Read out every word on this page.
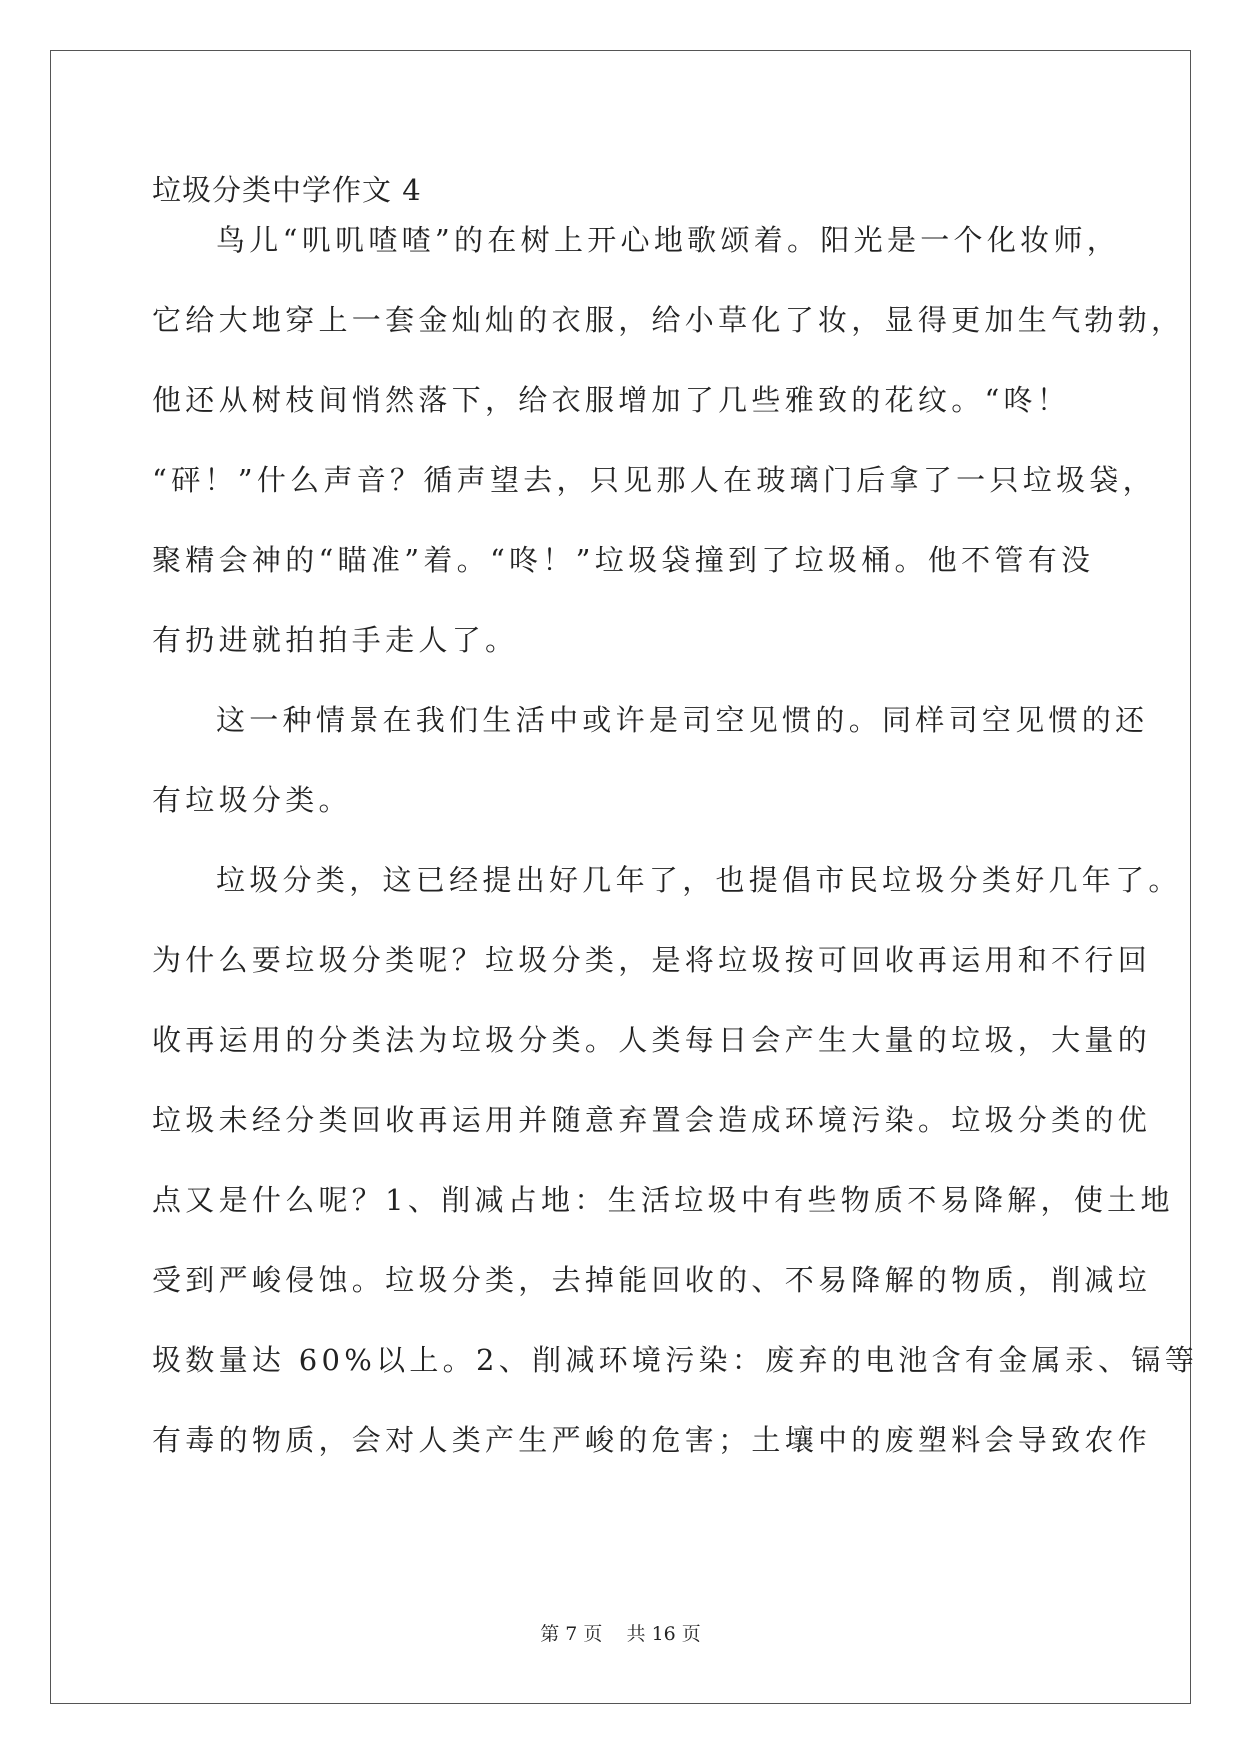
垃圾分类中学作文 4
鸟儿“叽叽喳喳”的在树上开心地歌颂着。阳光是一个化妆师，
它给大地穿上一套金灿灿的衣服，给小草化了妆，显得更加生气勃勃，
他还从树枝间悄然落下，给衣服增加了几些雅致的花纹。“咚！
“砰！”什么声音？循声望去，只见那人在玻璃门后拿了一只垃圾袋，
聚精会神的“瞄准”着。“咚！”垃圾袋撞到了垃圾桶。他不管有没
有扔进就拍拍手走人了。
这一种情景在我们生活中或许是司空见惯的。同样司空见惯的还
有垃圾分类。
垃圾分类，这已经提出好几年了，也提倡市民垃圾分类好几年了。
为什么要垃圾分类呢？垃圾分类，是将垃圾按可回收再运用和不行回
收再运用的分类法为垃圾分类。人类每日会产生大量的垃圾，大量的
垃圾未经分类回收再运用并随意弃置会造成环境污染。垃圾分类的优
点又是什么呢？1、削减占地：生活垃圾中有些物质不易降解，使土地
受到严峻侵蚀。垃圾分类，去掉能回收的、不易降解的物质，削减垃
圾数量达 60%以上。2、削减环境污染：废弃的电池含有金属汞、镉等
有毒的物质，会对人类产生严峻的危害；土壤中的废塑料会导致农作
第 7 页    共 16 页
